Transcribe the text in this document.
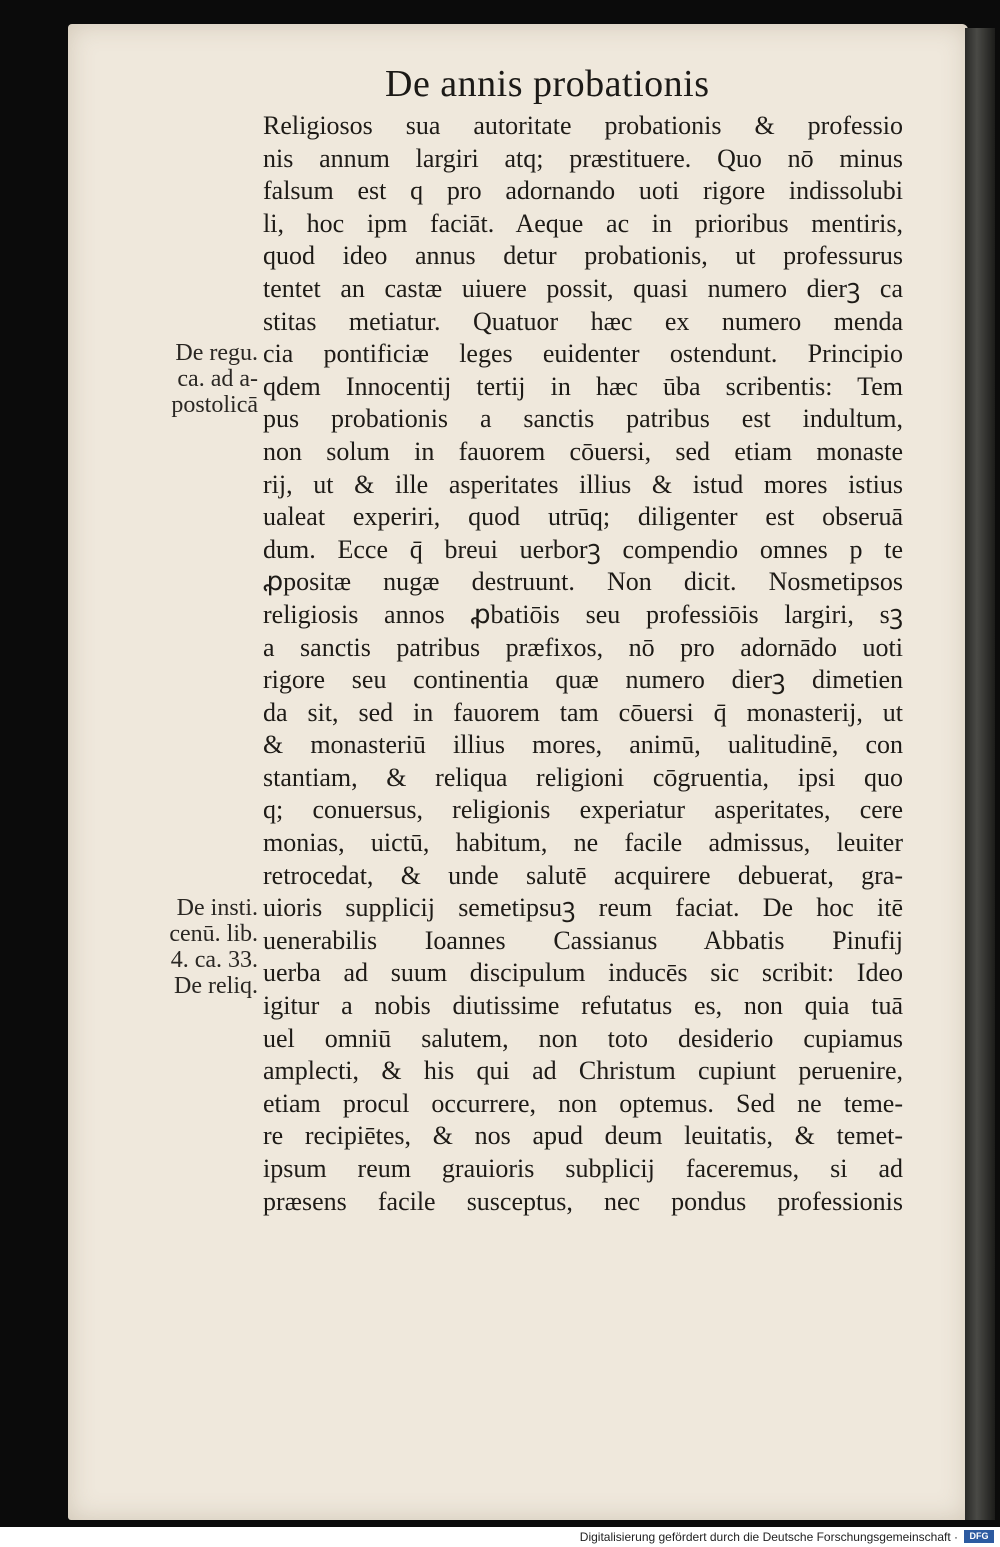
De annis probationis
De regu.
ca. ad a-
postolicā
De insti.
cenū. lib.
4. ca. 33.
De reliq.
Religiosos sua autoritate probationis & professio
nis annum largiri atq; præstituere. Quo nō minus
falsum est q pro adornando uoti rigore indissolubi
li, hoc ipm faciāt. Aeque ac in prioribus mentiris,
quod ideo annus detur probationis, ut professurus
tentet an castæ uiuere possit, quasi numero dierꝫ ca
stitas metiatur. Quatuor hæc ex numero menda
cia pontificiæ leges euidenter ostendunt. Principio
qdem Innocentij tertij in hæc ūba scribentis: Tem
pus probationis a sanctis patribus est indultum,
non solum in fauorem cōuersi, sed etiam monaste
rij, ut & ille asperitates illius & istud mores istius
ualeat experiri, quod utrūq; diligenter est obseruā
dum. Ecce q̄ breui uerborꝫ compendio omnes p te
ꝓpositæ nugæ destruunt. Non dicit. Nosmetipsos
religiosis annos ꝓbatiōis seu professiōis largiri, sꝫ
a sanctis patribus præfixos, nō pro adornādo uoti
rigore seu continentia quæ numero dierꝫ dimetien
da sit, sed in fauorem tam cōuersi q̄ monasterij, ut
& monasteriū illius mores, animū, ualitudinē, con
stantiam, & reliqua religioni cōgruentia, ipsi quo
q; conuersus, religionis experiatur asperitates, cere
monias, uictū, habitum, ne facile admissus, leuiter
retrocedat, & unde salutē acquirere debuerat, gra-
uioris supplicij semetipsuꝫ reum faciat. De hoc itē
uenerabilis Ioannes Cassianus Abbatis Pinufij
uerba ad suum discipulum inducēs sic scribit: Ideo
igitur a nobis diutissime refutatus es, non quia tuā
uel omniū salutem, non toto desiderio cupiamus
amplecti, & his qui ad Christum cupiunt peruenire,
etiam procul occurrere, non optemus. Sed ne teme-
re recipiētes, & nos apud deum leuitatis, & temet-
ipsum reum grauioris subplicij faceremus, si ad
præsens facile susceptus, nec pondus professionis
Digitalisierung gefördert durch die Deutsche Forschungsgemeinschaft ·	DFG
